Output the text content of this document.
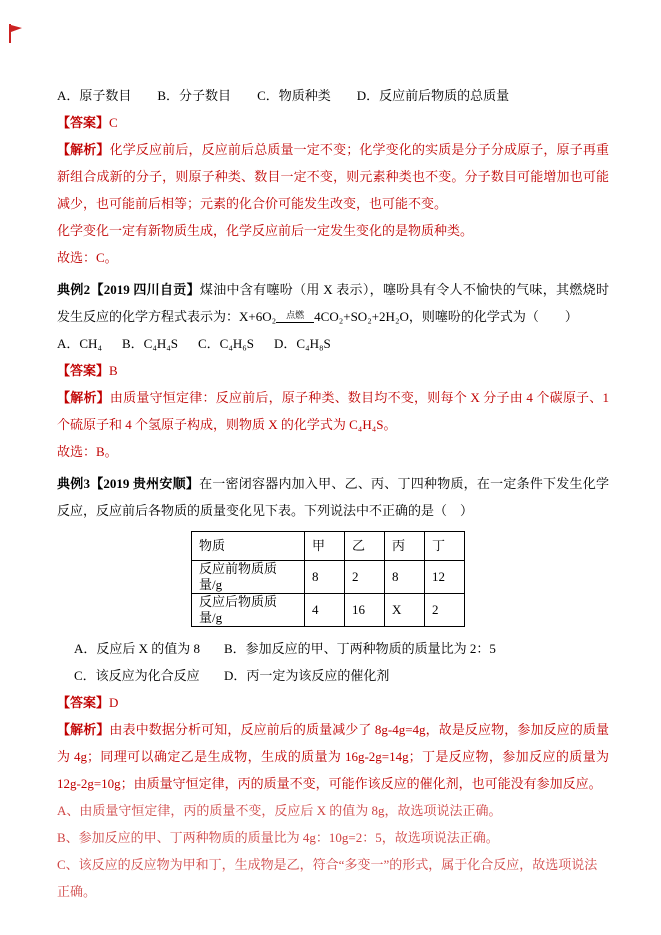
A．原子数目 B．分子数目 C．物质种类 D．反应前后物质的总质量

【答案】C

【解析】化学反应前后，反应前后总质量一定不变；化学变化的实质是分子分成原子，原子再重新组合成新的分子，则原子种类、数目一定不变，则元素种类也不变。分子数目可能增加也可能减少，也可能前后相等；元素的化合价可能发生改变，也可能不变。

化学变化一定有新物质生成，化学反应前后一定发生变化的是物质种类。

故选：C。

典例2【2019 四川自贡】煤油中含有噻吩（用 X 表示），噻吩具有令人不愉快的气味，其燃烧时发生反应的化学方程式表示为：X+6O₂ 点燃 4CO₂+SO₂+2H₂O，则噻吩的化学式为（　　）

A．CH₄ B．C₄H₄S C．C₄H₆S D．C₄H₈S

【答案】B

【解析】由质量守恒定律：反应前后，原子种类、数目均不变，则每个 X 分子由 4 个碳原子、1 个硫原子和 4 个氢原子构成，则物质 X 的化学式为 C₄H₄S。

故选：B。

典例3【2019 贵州安顺】在一密闭容器内加入甲、乙、丙、丁四种物质，在一定条件下发生化学反应，反应前后各物质的质量变化见下表。下列说法中不正确的是（　）

物质	甲	乙	丙	丁
反应前物质质量/g	8	2	8	12
反应后物质质量/g	4	16	X	2
A．反应后 X 的值为 8	B．参加反应的甲、丁两种物质的质量比为 2：5
C．该反应为化合反应	D．丙一定为该反应的催化剂

【答案】D

【解析】由表中数据分析可知，反应前后的质量减少了 8g-4g=4g，故是反应物，参加反应的质量为 4g；同理可以确定乙是生成物，生成的质量为 16g-2g=14g；丁是反应物，参加反应的质量为 12g-2g=10g；由质量守恒定律，丙的质量不变，可能作该反应的催化剂，也可能没有参加反应。

A、由质量守恒定律，丙的质量不变，反应后 X 的值为 8g，故选项说法正确。

B、参加反应的甲、丁两种物质的质量比为 4g：10g=2：5，故选项说法正确。

C、该反应的反应物为甲和丁，生成物是乙，符合“多变一”的形式，属于化合反应，故选项说法正确。
